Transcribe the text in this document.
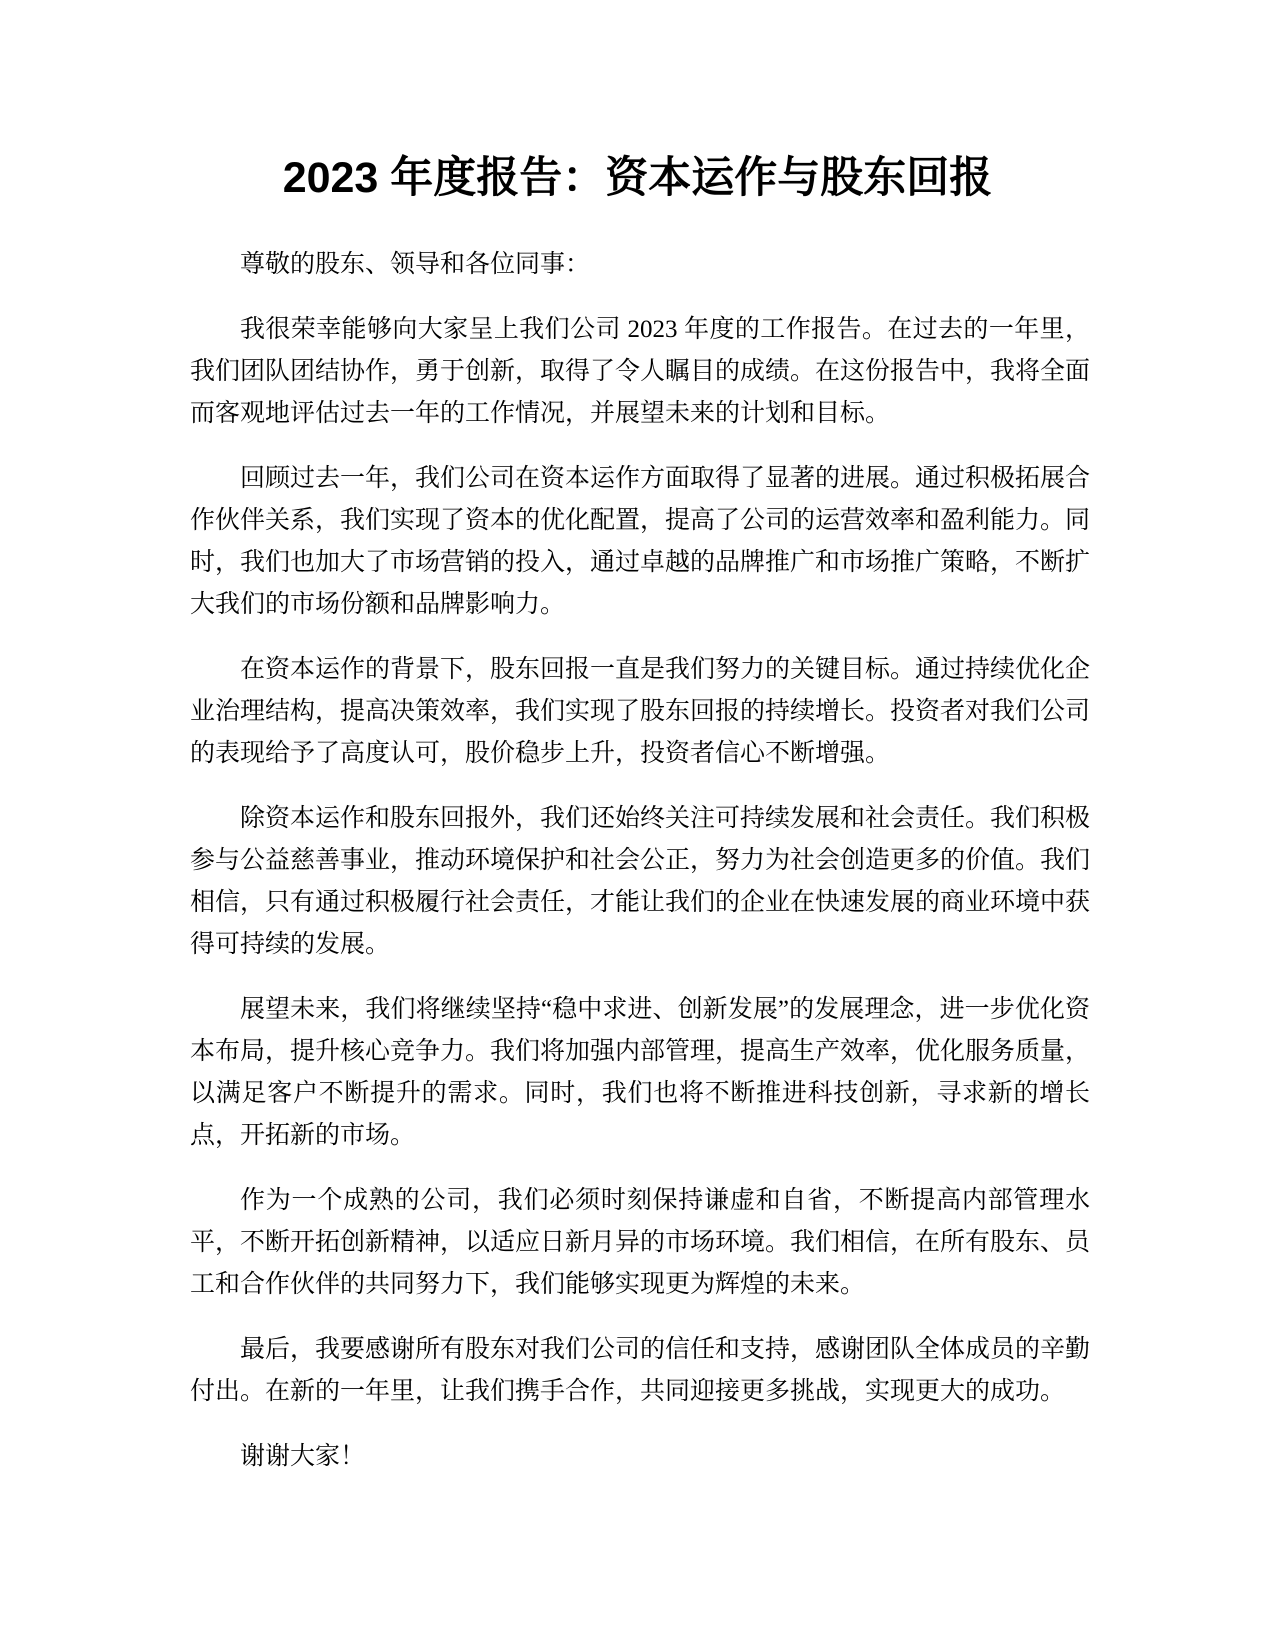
2023 年度报告：资本运作与股东回报

尊敬的股东、领导和各位同事：

我很荣幸能够向大家呈上我们公司 2023 年度的工作报告。在过去的一年里，我们团队团结协作，勇于创新，取得了令人瞩目的成绩。在这份报告中，我将全面而客观地评估过去一年的工作情况，并展望未来的计划和目标。

回顾过去一年，我们公司在资本运作方面取得了显著的进展。通过积极拓展合作伙伴关系，我们实现了资本的优化配置，提高了公司的运营效率和盈利能力。同时，我们也加大了市场营销的投入，通过卓越的品牌推广和市场推广策略，不断扩大我们的市场份额和品牌影响力。

在资本运作的背景下，股东回报一直是我们努力的关键目标。通过持续优化企业治理结构，提高决策效率，我们实现了股东回报的持续增长。投资者对我们公司的表现给予了高度认可，股价稳步上升，投资者信心不断增强。

除资本运作和股东回报外，我们还始终关注可持续发展和社会责任。我们积极参与公益慈善事业，推动环境保护和社会公正，努力为社会创造更多的价值。我们相信，只有通过积极履行社会责任，才能让我们的企业在快速发展的商业环境中获得可持续的发展。

展望未来，我们将继续坚持“稳中求进、创新发展”的发展理念，进一步优化资本布局，提升核心竞争力。我们将加强内部管理，提高生产效率，优化服务质量，以满足客户不断提升的需求。同时，我们也将不断推进科技创新，寻求新的增长点，开拓新的市场。

作为一个成熟的公司，我们必须时刻保持谦虚和自省，不断提高内部管理水平，不断开拓创新精神，以适应日新月异的市场环境。我们相信，在所有股东、员工和合作伙伴的共同努力下，我们能够实现更为辉煌的未来。

最后，我要感谢所有股东对我们公司的信任和支持，感谢团队全体成员的辛勤付出。在新的一年里，让我们携手合作，共同迎接更多挑战，实现更大的成功。

谢谢大家！
